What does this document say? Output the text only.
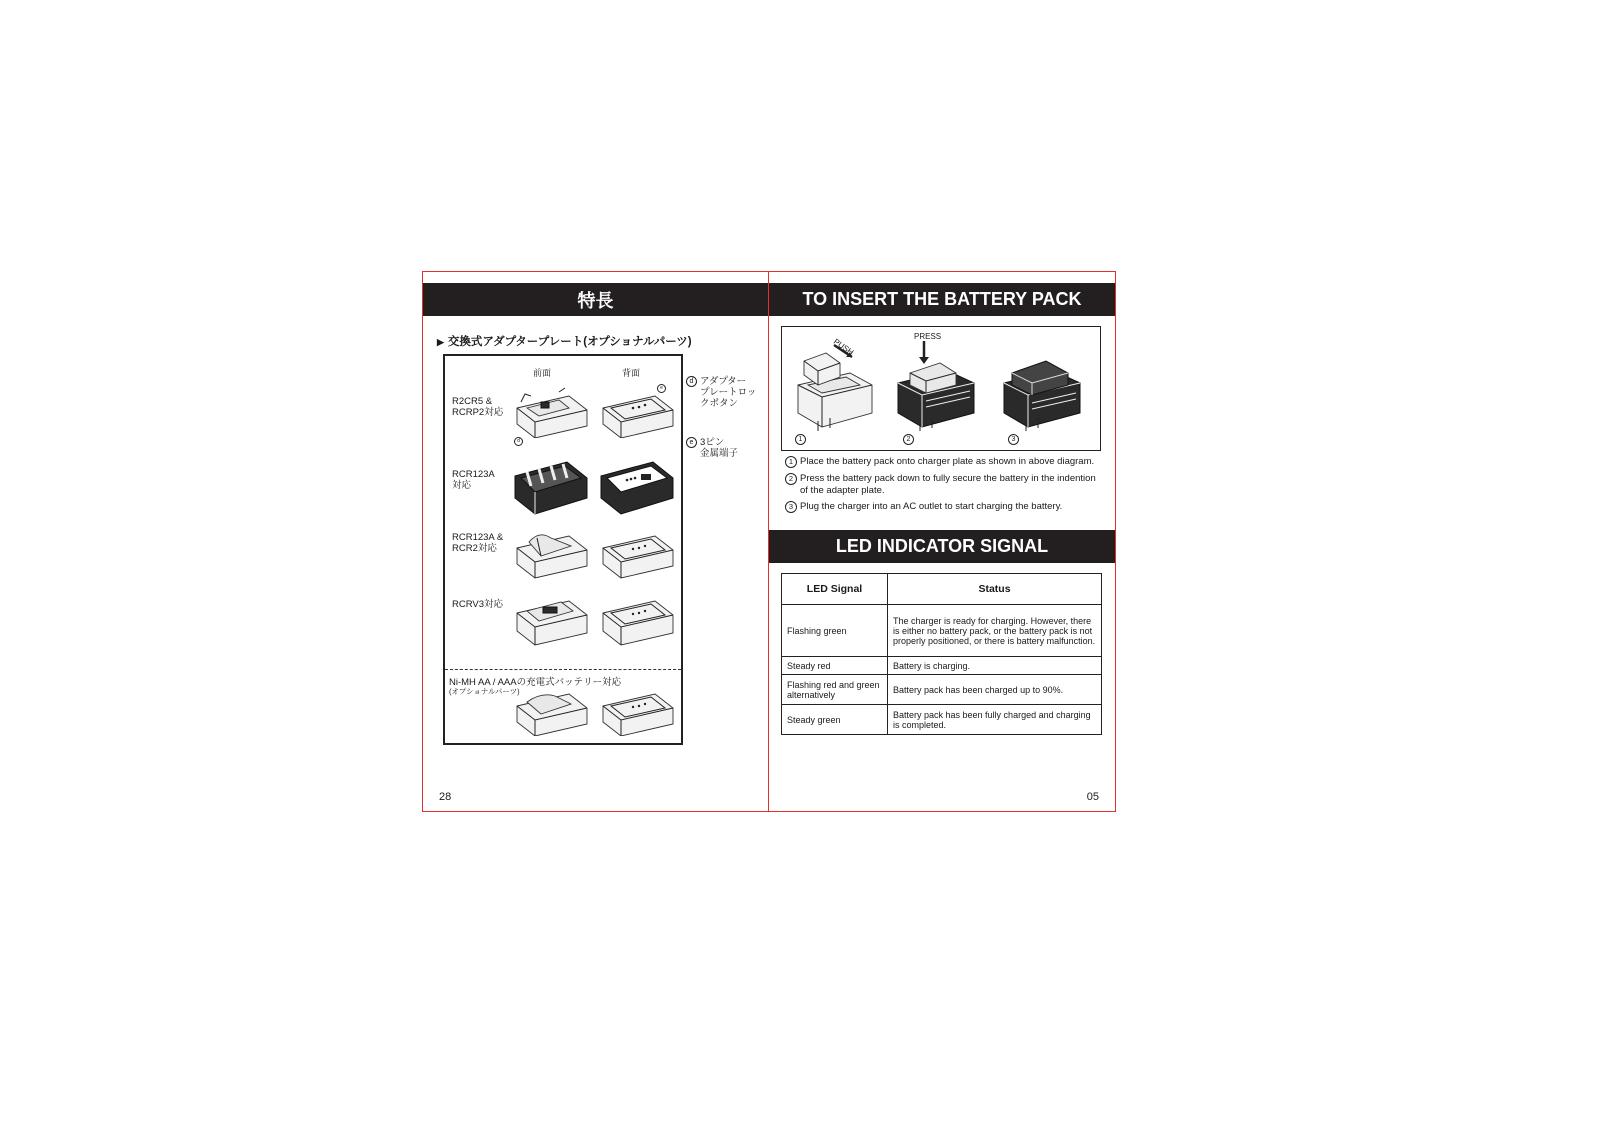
特長
▶ 交換式アダプタープレート(オプショナルパーツ)
前面	背面
R2CR5 &
RCRP2対応
RCR123A
対応
RCR123A &
RCR2対応
RCRV3対応
d
e
Ni-MH AA / AAAの充電式バッテリー対応
(オプショナルパーツ)
d アダプター
プレートロッ
クボタン
e 3ピン
金属端子
28
TO INSERT THE BATTERY PACK
PUSH
PRESS
1	2	3
1 Place the battery pack onto charger plate as shown in above diagram.
2 Press the battery pack down to fully secure the battery in the indention of the adapter plate.
3 Plug the charger into an AC outlet to start charging the battery.
LED INDICATOR SIGNAL
LED Signal	Status
Flashing green	The charger is ready for charging. However, there is either no battery pack, or the battery pack is not properly positioned, or there is battery malfunction.
Steady red	Battery is charging.
Flashing red and green alternatively	Battery pack has been charged up to 90%.
Steady green	Battery pack has been fully charged and charging is completed.
05
